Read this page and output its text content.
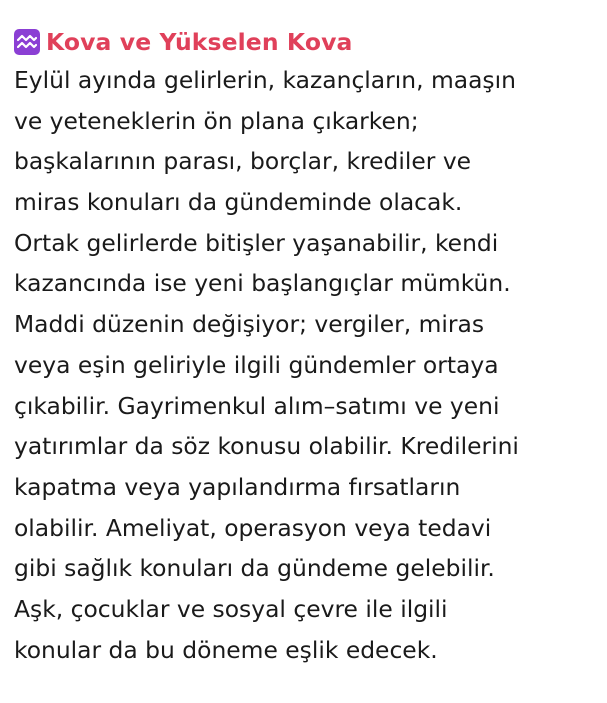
Kova ve Yükselen Kova
Eylül ayında gelirlerin, kazançların, maaşın
ve yeteneklerin ön plana çıkarken;
başkalarının parası, borçlar, krediler ve
miras konuları da gündeminde olacak.
Ortak gelirlerde bitişler yaşanabilir, kendi
kazancında ise yeni başlangıçlar mümkün.
Maddi düzenin değişiyor; vergiler, miras
veya eşin geliriyle ilgili gündemler ortaya
çıkabilir. Gayrimenkul alım–satımı ve yeni
yatırımlar da söz konusu olabilir. Kredilerini
kapatma veya yapılandırma fırsatların
olabilir. Ameliyat, operasyon veya tedavi
gibi sağlık konuları da gündeme gelebilir.
Aşk, çocuklar ve sosyal çevre ile ilgili
konular da bu döneme eşlik edecek.
